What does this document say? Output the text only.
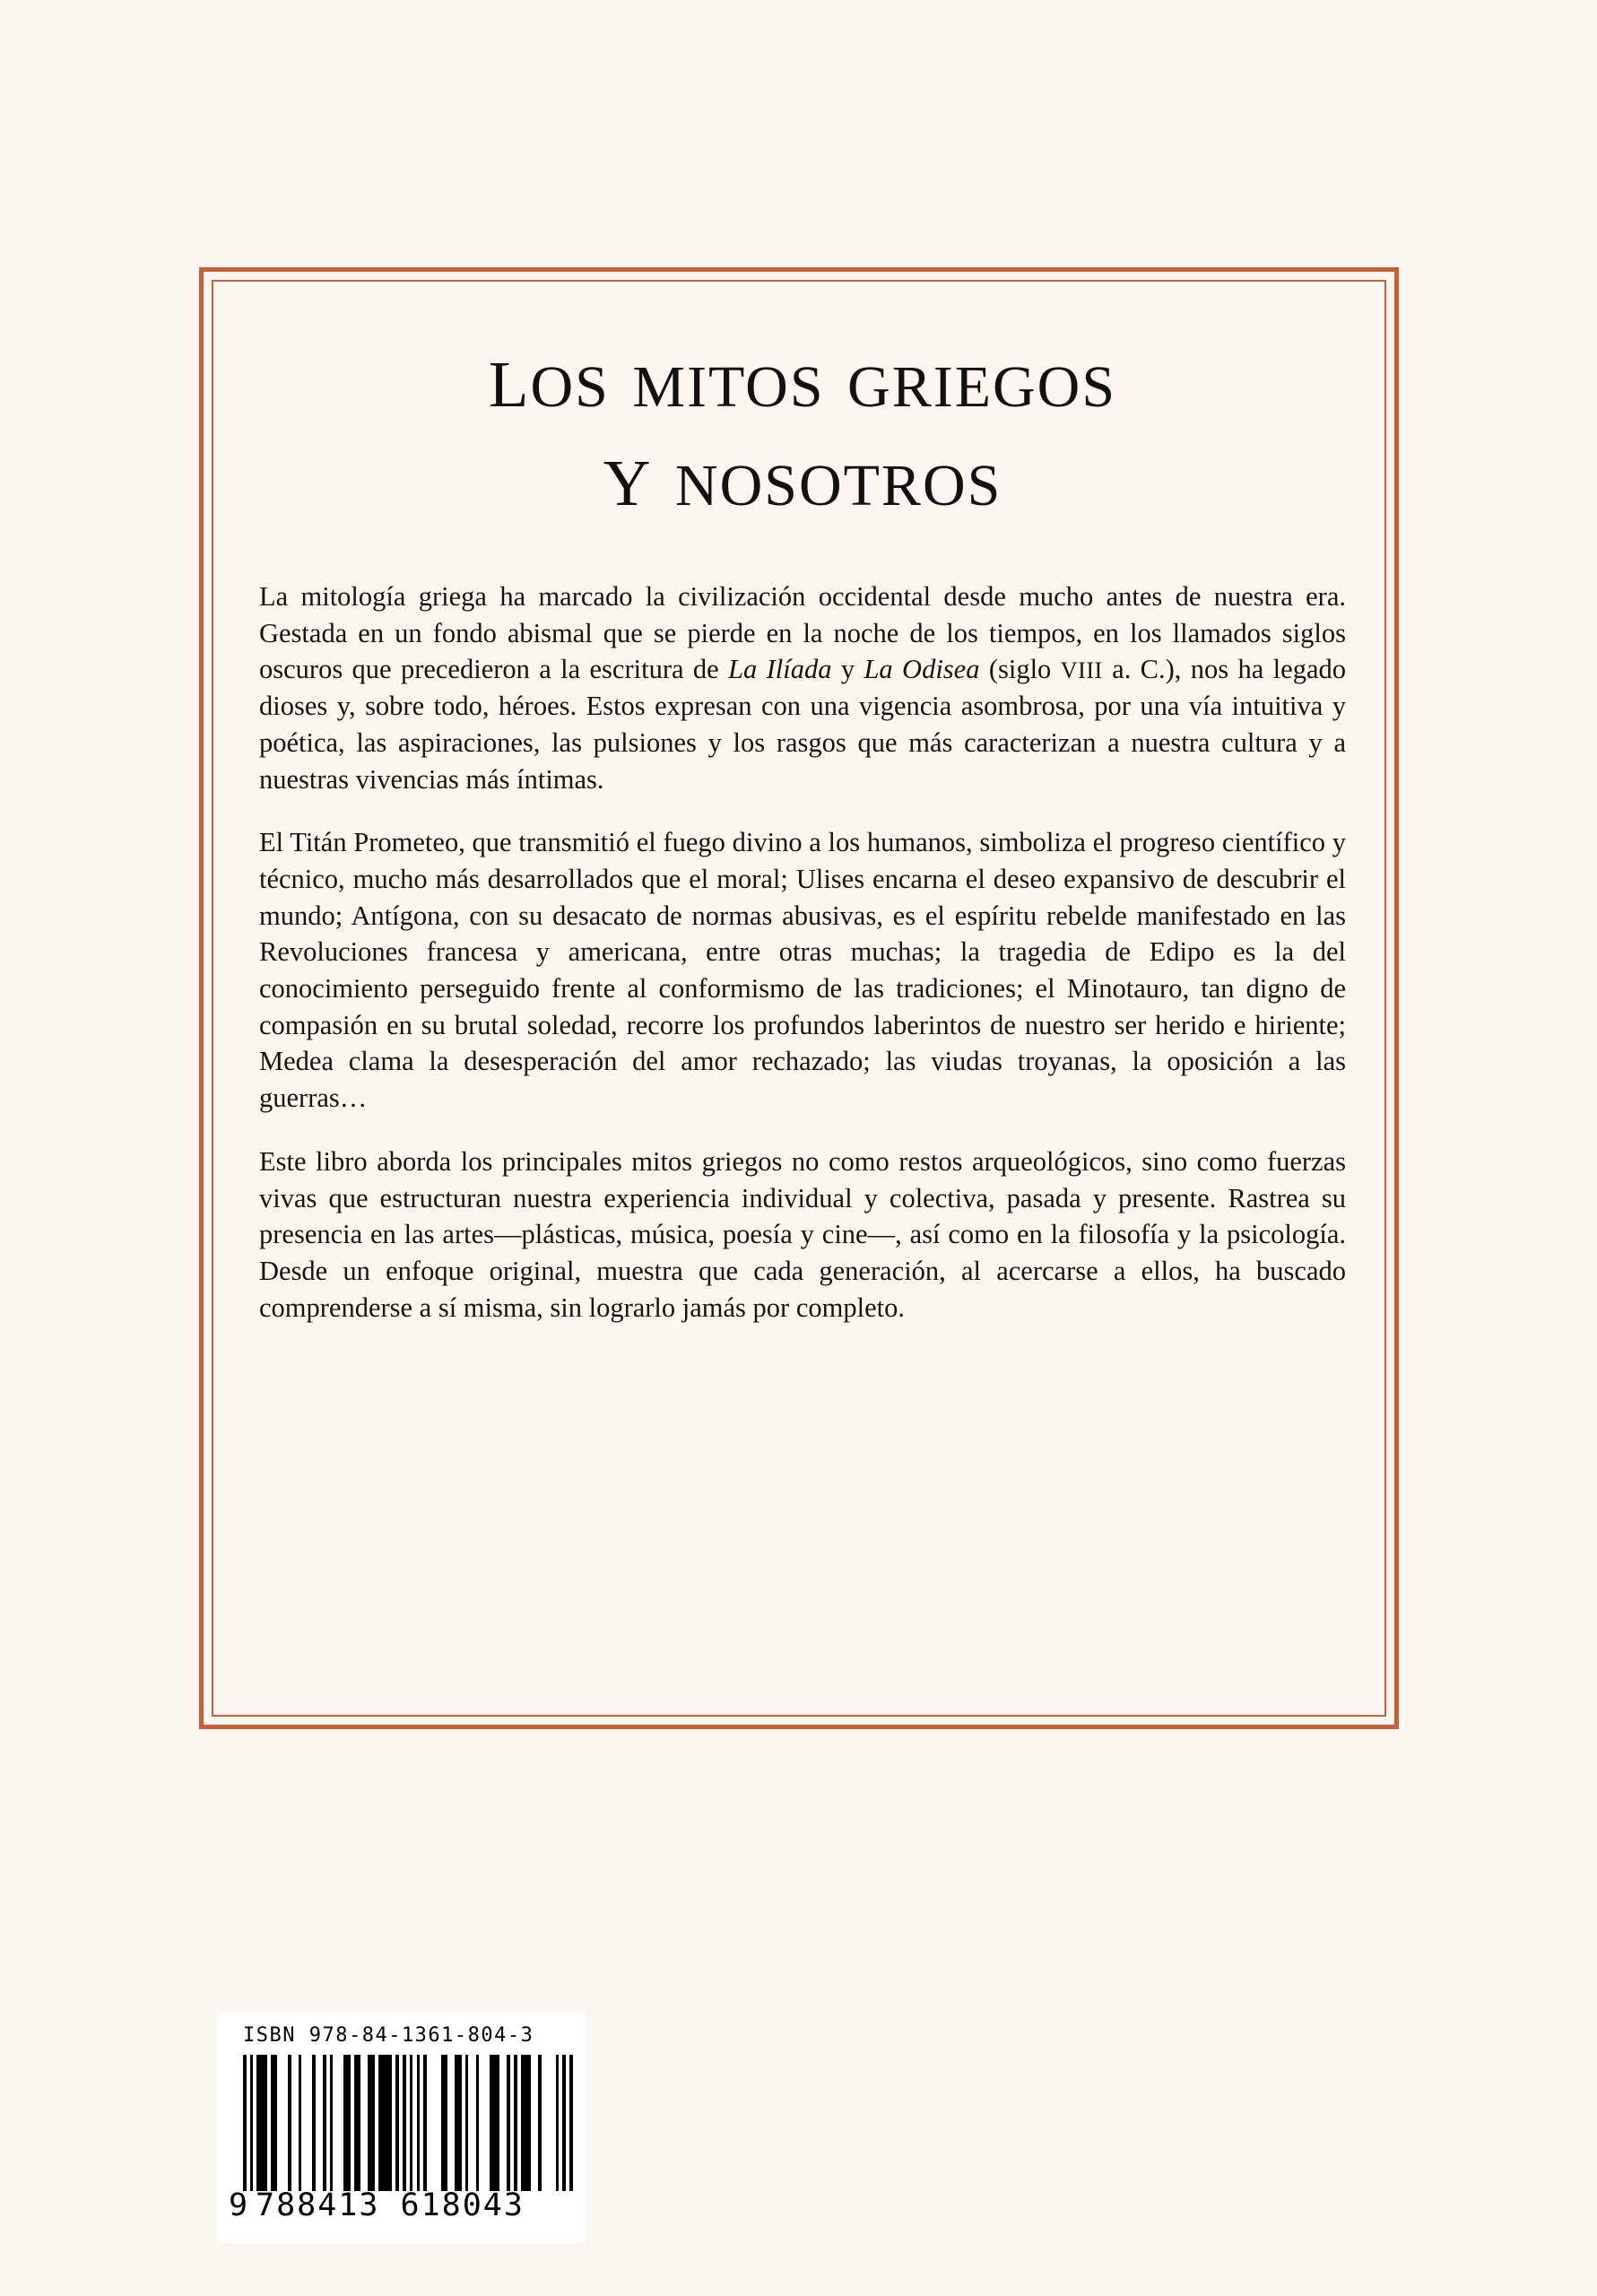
los mitos griegos
y nosotros

La mitología griega ha marcado la civilización occidental desde mucho antes de nuestra era. Gestada en un fondo abismal que se pierde en la noche de los tiempos, en los llamados siglos oscuros que precedieron a la escritura de La Ilíada y La Odisea (siglo VIII a. C.), nos ha legado dioses y, sobre todo, héroes. Estos expresan con una vigencia asombrosa, por una vía intuitiva y poética, las aspiraciones, las pulsiones y los rasgos que más caracterizan a nuestra cultura y a nuestras vivencias más íntimas.

El Titán Prometeo, que transmitió el fuego divino a los humanos, simboliza el progreso científico y técnico, mucho más desarrollados que el moral; Ulises encarna el deseo expansivo de descubrir el mundo; Antígona, con su desacato de normas abusivas, es el espíritu rebelde manifestado en las Revoluciones francesa y americana, entre otras muchas; la tragedia de Edipo es la del conocimiento perseguido frente al conformismo de las tradiciones; el Minotauro, tan digno de compasión en su brutal soledad, recorre los profundos laberintos de nuestro ser herido e hiriente; Medea clama la desesperación del amor rechazado; las viudas troyanas, la oposición a las guerras…

Este libro aborda los principales mitos griegos no como restos arqueológicos, sino como fuerzas vivas que estructuran nuestra experiencia individual y colectiva, pasada y presente. Rastrea su presencia en las artes—plásticas, música, poesía y cine—, así como en la filosofía y la psicología. Desde un enfoque original, muestra que cada generación, al acercarse a ellos, ha buscado comprenderse a sí misma, sin lograrlo jamás por completo.

ISBN 978-84-1361-804-3
9 788413 618043
